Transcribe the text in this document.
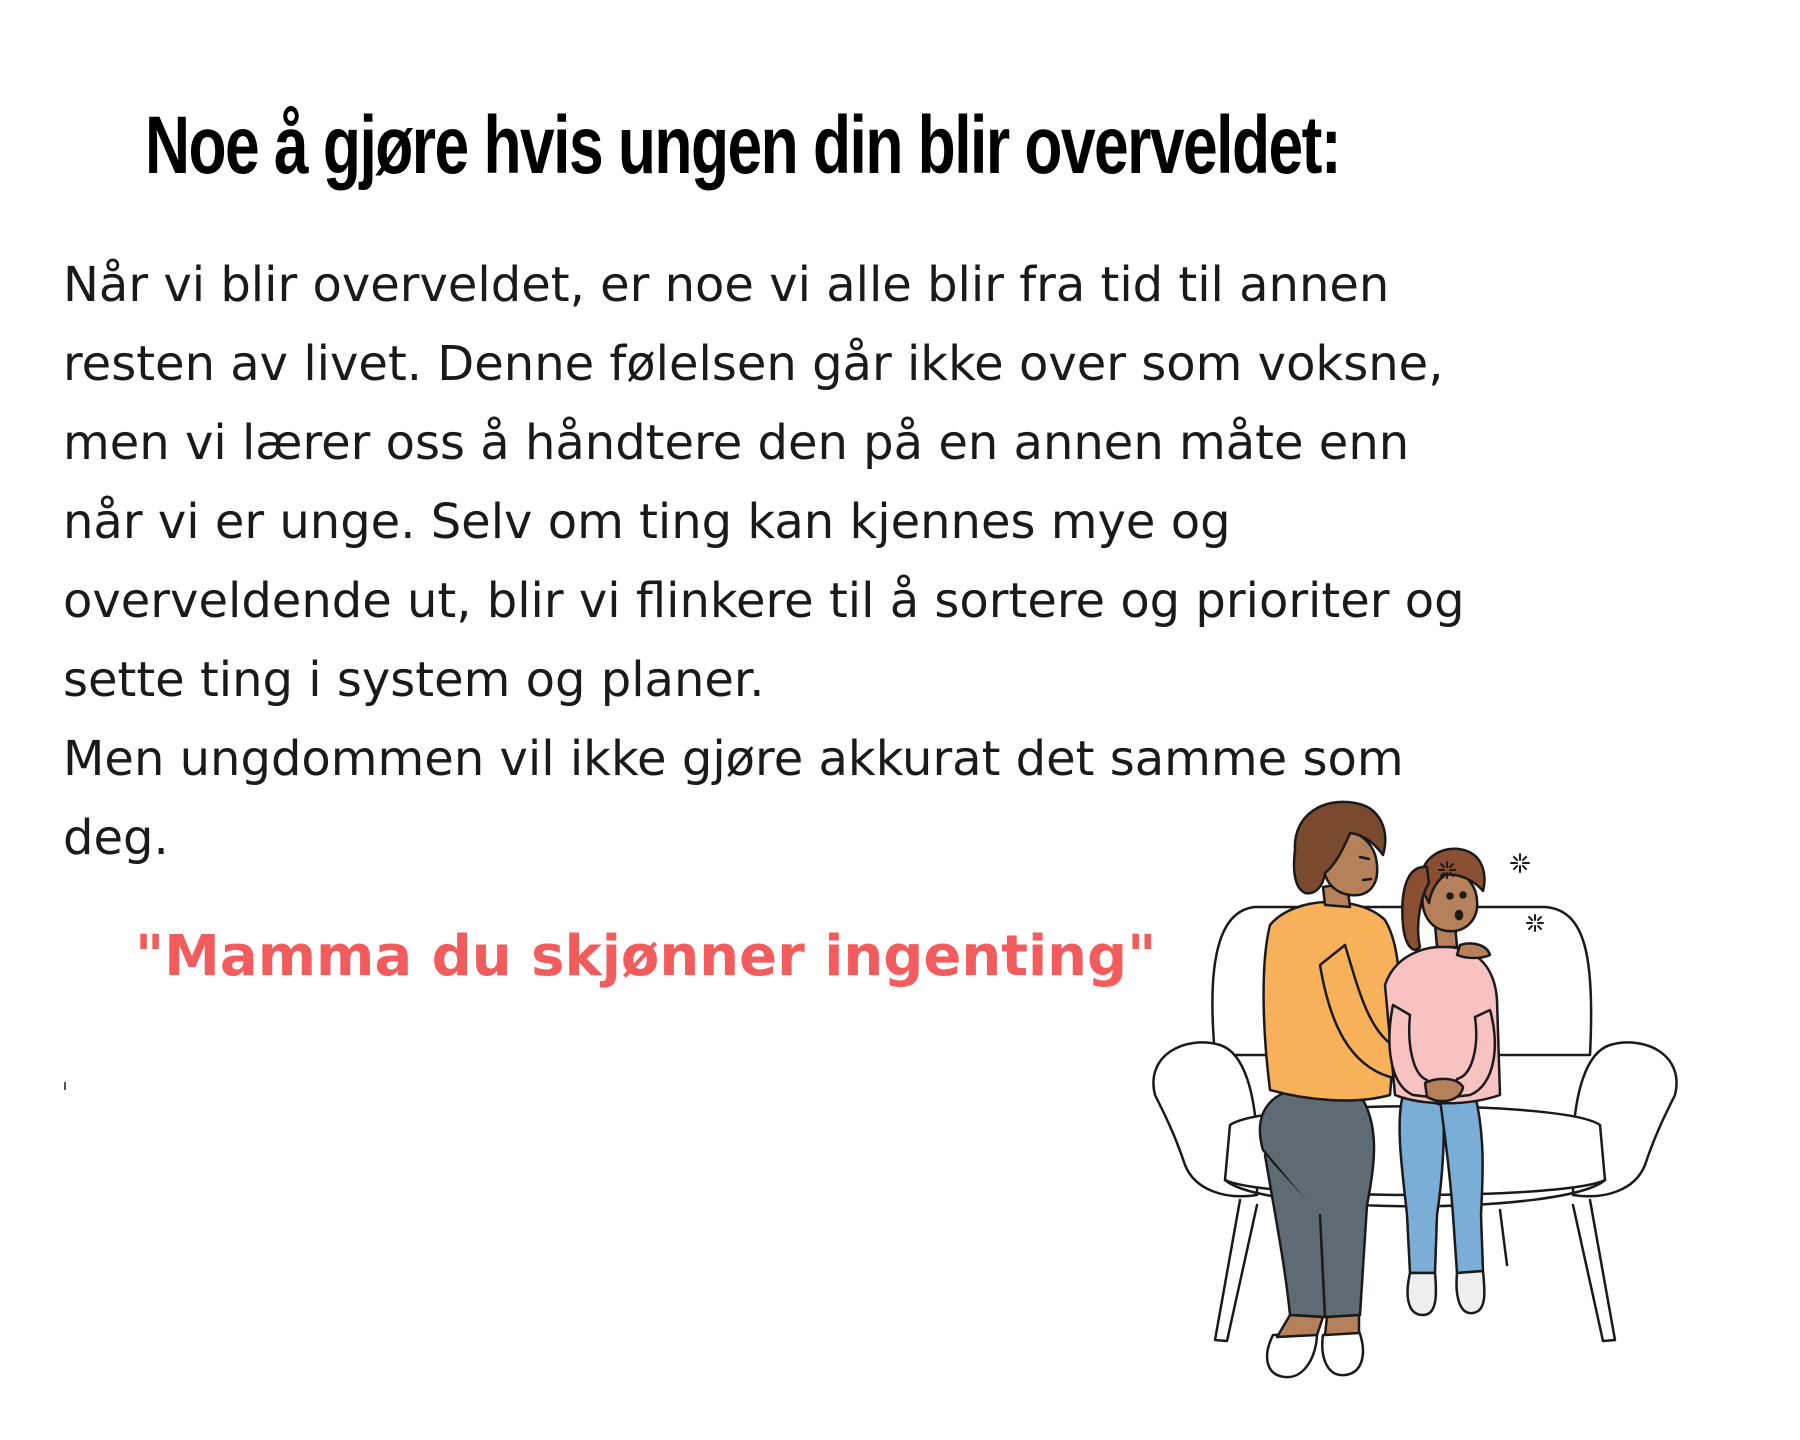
Noe å gjøre hvis ungen din blir overveldet:
Når vi blir overveldet, er noe vi alle blir fra tid til annen
resten av livet. Denne følelsen går ikke over som voksne,
men vi lærer oss å håndtere den på en annen måte enn
når vi er unge. Selv om ting kan kjennes mye og
overveldende ut, blir vi flinkere til å sortere og prioriter og
sette ting i system og planer.
Men ungdommen vil ikke gjøre akkurat det samme som
deg.
"Mamma du skjønner ingenting"
